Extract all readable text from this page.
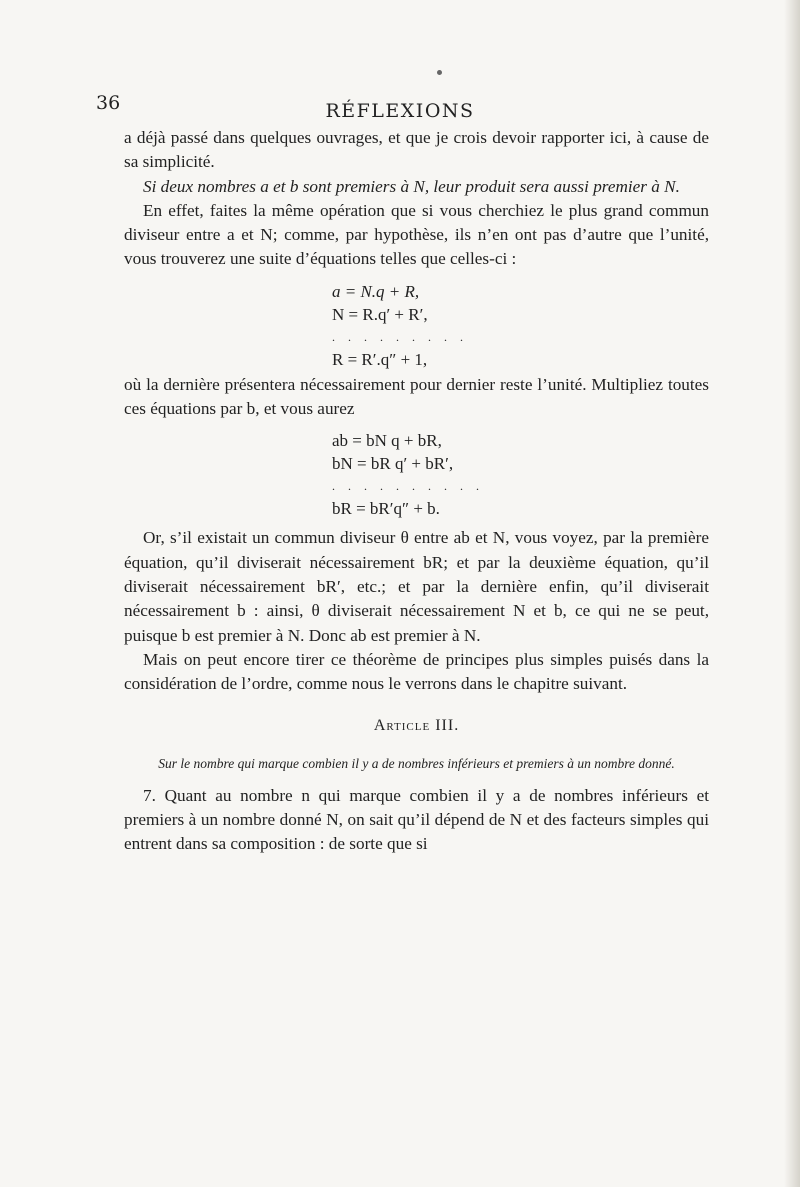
36	RÉFLEXIONS

a déjà passé dans quelques ouvrages, et que je crois devoir rapporter ici, à cause de sa simplicité.

Si deux nombres a et b sont premiers à N, leur produit sera aussi premier à N.

En effet, faites la même opération que si vous cherchiez le plus grand commun diviseur entre a et N; comme, par hypothèse, ils n’en ont pas d’autre que l’unité, vous trouverez une suite d’équations telles que celles-ci :

a = N.q + R,
N = R.q′ + R′,
. . . . . . . . .
R = R′.q″ + 1,

où la dernière présentera nécessairement pour dernier reste l’unité. Multipliez toutes ces équations par b, et vous aurez

ab = bN q + bR,
bN = bR q′ + bR′,
. . . . . . . . . .
bR = bR′q″ + b.

Or, s’il existait un commun diviseur θ entre ab et N, vous voyez, par la première équation, qu’il diviserait nécessairement bR; et par la deuxième équation, qu’il diviserait nécessairement bR′, etc.; et par la dernière enfin, qu’il diviserait nécessairement b : ainsi, θ diviserait nécessairement N et b, ce qui ne se peut, puisque b est premier à N. Donc ab est premier à N.

Mais on peut encore tirer ce théorème de principes plus simples puisés dans la considération de l’ordre, comme nous le verrons dans le chapitre suivant.

Article III.
Sur le nombre qui marque combien il y a de nombres inférieurs et premiers à un nombre donné.

7. Quant au nombre n qui marque combien il y a de nombres inférieurs et premiers à un nombre donné N, on sait qu’il dépend de N et des facteurs simples qui entrent dans sa composition : de sorte que si
